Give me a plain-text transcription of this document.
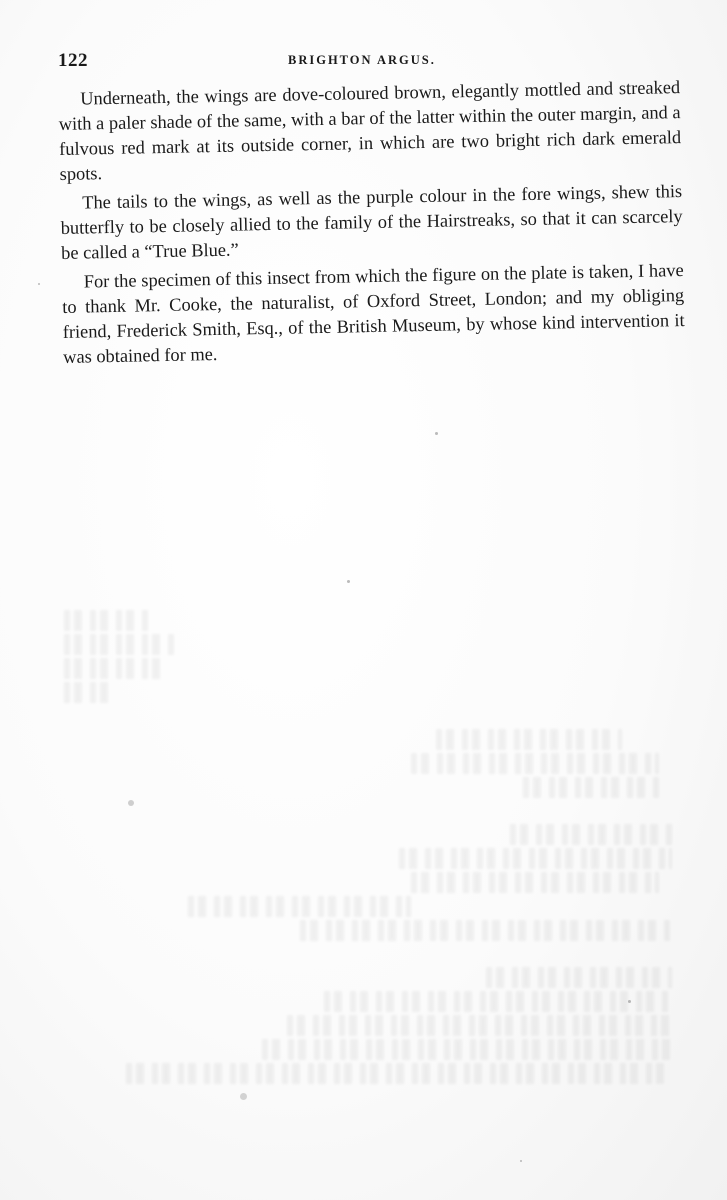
122	BRIGHTON ARGUS.

Underneath, the wings are dove-coloured brown, elegantly mottled and streaked with a paler shade of the same, with a bar of the latter within the outer margin, and a fulvous red mark at its outside corner, in which are two bright rich dark emerald spots.

The tails to the wings, as well as the purple colour in the fore wings, shew this butterfly to be closely allied to the family of the Hairstreaks, so that it can scarcely be called a “True Blue.”

For the specimen of this insect from which the figure on the plate is taken, I have to thank Mr. Cooke, the naturalist, of Oxford Street, London; and my obliging friend, Frederick Smith, Esq., of the British Museum, by whose kind intervention it was obtained for me.
